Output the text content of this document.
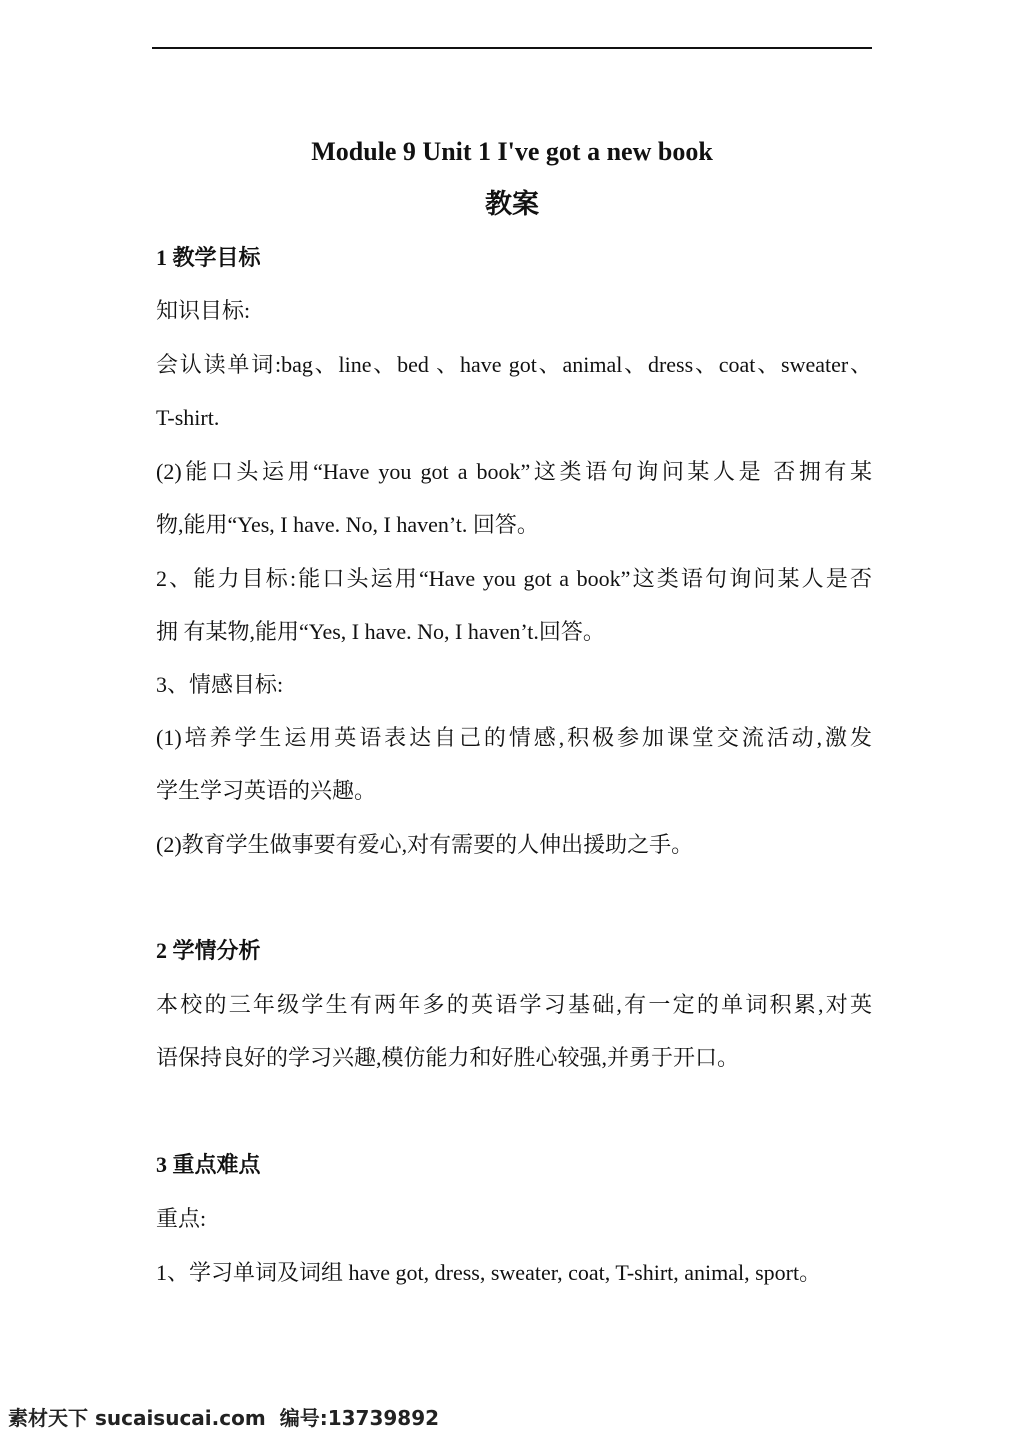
Module 9 Unit 1 I've got a new book
教案
1 教学目标
知识目标:
会认读单词:bag、line、bed 、have got、animal、dress、coat、sweater、
T-shirt.
(2)能口头运用“Have you got a book”这类语句询问某人是 否拥有某
物,能用“Yes, I have. No, I haven’t. 回答。
2、能力目标:能口头运用“Have you got a book”这类语句询问某人是否
拥 有某物,能用“Yes, I have. No, I haven’t.回答。
3、情感目标:
(1)培养学生运用英语表达自己的情感,积极参加课堂交流活动,激发
学生学习英语的兴趣。
(2)教育学生做事要有爱心,对有需要的人伸出援助之手。
2 学情分析
本校的三年级学生有两年多的英语学习基础,有一定的单词积累,对英
语保持良好的学习兴趣,模仿能力和好胜心较强,并勇于开口。
3 重点难点
重点:
1、学习单词及词组 have got, dress, sweater, coat, T-shirt, animal, sport。
素材天下 sucaisucai.com 编号:13739892
